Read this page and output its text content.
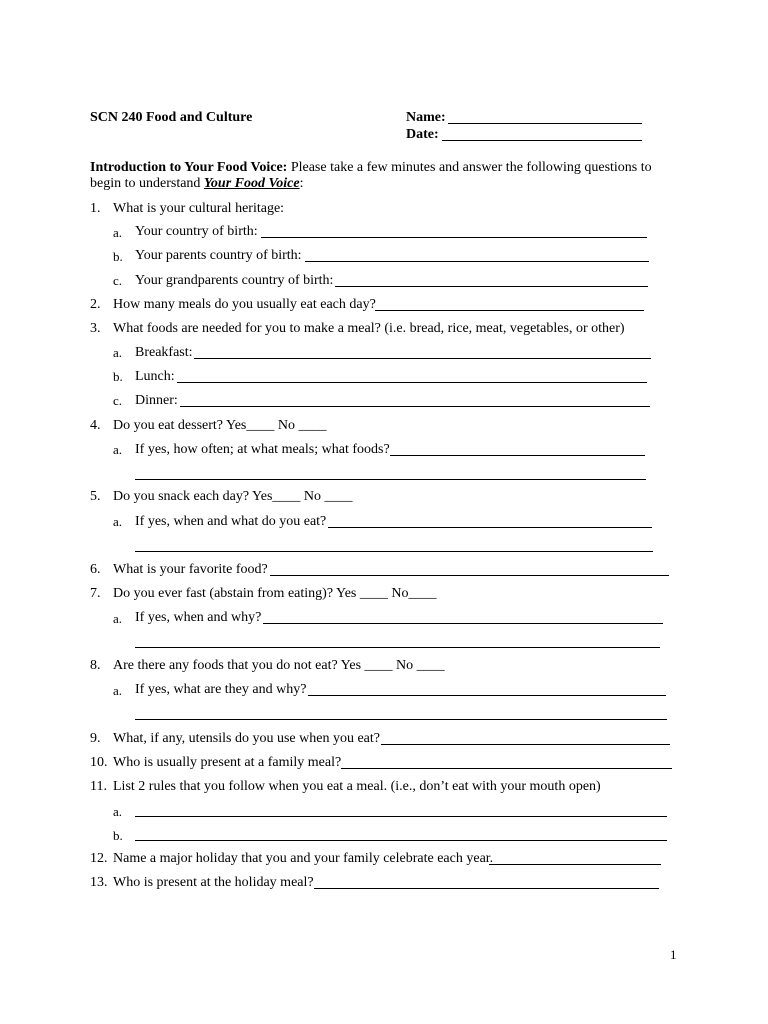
SCN 240 Food and Culture	Name:
Date:
Introduction to Your Food Voice: Please take a few minutes and answer the following questions to
begin to understand Your Food Voice:
1. What is your cultural heritage:
a. Your country of birth:
b. Your parents country of birth:
c. Your grandparents country of birth:
2. How many meals do you usually eat each day?
3. What foods are needed for you to make a meal? (i.e. bread, rice, meat, vegetables, or other)
a. Breakfast:
b. Lunch:
c. Dinner:
4. Do you eat dessert? Yes____ No ____
a. If yes, how often; at what meals; what foods?
5. Do you snack each day? Yes____ No ____
a. If yes, when and what do you eat?
6. What is your favorite food?
7. Do you ever fast (abstain from eating)? Yes ____ No____
a. If yes, when and why?
8. Are there any foods that you do not eat? Yes ____ No ____
a. If yes, what are they and why?
9. What, if any, utensils do you use when you eat?
10. Who is usually present at a family meal?
11. List 2 rules that you follow when you eat a meal. (i.e., don’t eat with your mouth open)
a.
b.
12. Name a major holiday that you and your family celebrate each year.
13. Who is present at the holiday meal?
1
